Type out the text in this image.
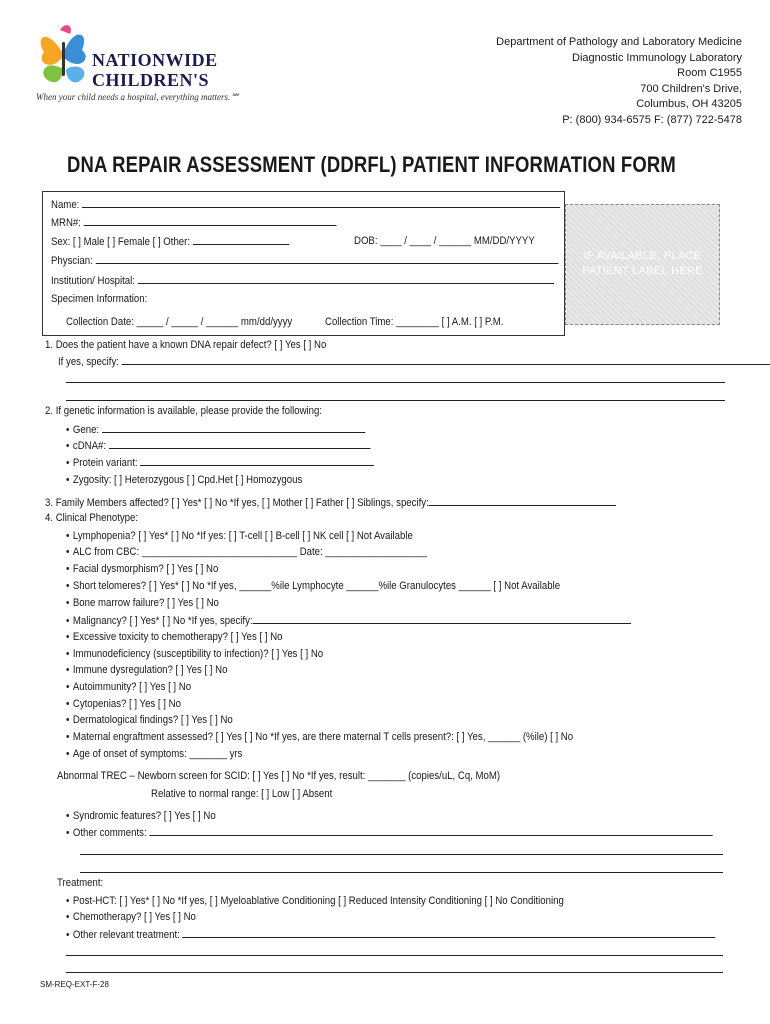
NATIONWIDE
CHILDREN'S
When your child needs a hospital, everything matters.℠
Department of Pathology and Laboratory Medicine
Diagnostic Immunology Laboratory
Room C1955
700 Children's Drive,
Columbus, OH 43205
P: (800) 934-6575 F: (877) 722-5478
DNA REPAIR ASSESSMENT (DDRFL) PATIENT INFORMATION FORM
Name:
MRN#:
Sex: [ ] Male [ ] Female [ ] Other:	DOB: ____ / ____ / ______ MM/DD/YYYY
Physcian:
Institution/ Hospital:
Specimen Information:
Collection Date: _____ / _____ / ______ mm/dd/yyyy	Collection Time: ________ [ ] A.M. [ ] P.M.
IF AVAILABLE, PLACE
PATIENT LABEL HERE
1. Does the patient have a known DNA repair defect? [ ] Yes [ ] No
If yes, specify:
2. If genetic information is available, please provide the following:
• Gene:
• cDNA#:
• Protein variant:
• Zygosity: [ ] Heterozygous [ ] Cpd.Het [ ] Homozygous
3. Family Members affected? [ ] Yes* [ ] No *If yes, [ ] Mother [ ] Father [ ] Siblings, specify:
4. Clinical Phenotype:
• Lymphopenia? [ ] Yes* [ ] No *If yes: [ ] T-cell [ ] B-cell [ ] NK cell [ ] Not Available
• ALC from CBC: _____________________________ Date: ___________________
• Facial dysmorphism? [ ] Yes [ ] No
• Short telomeres? [ ] Yes* [ ] No *If yes, ______%ile Lymphocyte ______%ile Granulocytes ______ [ ] Not Available
• Bone marrow failure? [ ] Yes [ ] No
• Malignancy? [ ] Yes* [ ] No *If yes, specify:
• Excessive toxicity to chemotherapy? [ ] Yes [ ] No
• Immunodeficiency (susceptibility to infection)? [ ] Yes [ ] No
• Immune dysregulation? [ ] Yes [ ] No
• Autoimmunity? [ ] Yes [ ] No
• Cytopenias? [ ] Yes [ ] No
• Dermatological findings? [ ] Yes [ ] No
• Maternal engraftment assessed? [ ] Yes [ ] No *If yes, are there maternal T cells present?: [ ] Yes, ______ (%ile) [ ] No
• Age of onset of symptoms: _______ yrs
Abnormal TREC – Newborn screen for SCID: [ ] Yes [ ] No *If yes, result: _______ (copies/uL, Cq, MoM)
Relative to normal range: [ ] Low [ ] Absent
• Syndromic features? [ ] Yes [ ] No
• Other comments:
Treatment:
• Post-HCT: [ ] Yes* [ ] No *If yes, [ ] Myeloablative Conditioning [ ] Reduced Intensity Conditioning [ ] No Conditioning
• Chemotherapy? [ ] Yes [ ] No
• Other relevant treatment:
SM-REQ-EXT-F-28
